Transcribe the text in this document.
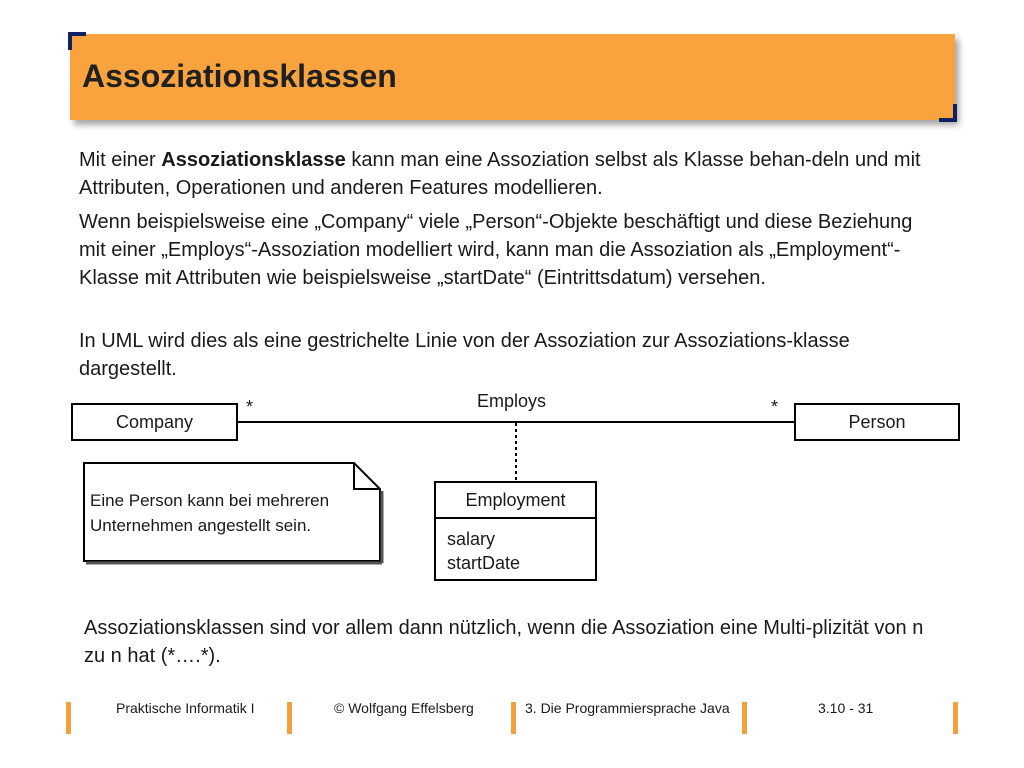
Assoziationsklassen

Mit einer Assoziationsklasse kann man eine Assoziation selbst als Klasse behan-deln und mit Attributen, Operationen und anderen Features modellieren.

Wenn beispielsweise eine „Company“ viele „Person“-Objekte beschäftigt und diese Beziehung mit einer „Employs“-Assoziation modelliert wird, kann man die Assoziation als „Employment“-Klasse mit Attributen wie beispielsweise „startDate“ (Eintrittsdatum) versehen.

In UML wird dies als eine gestrichelte Linie von der Assoziation zur Assoziations-klasse dargestellt.

Company	Person
Employs
*	*
Employment
salary
startDate
Eine Person kann bei mehreren
Unternehmen angestellt sein.

Assoziationsklassen sind vor allem dann nützlich, wenn die Assoziation eine Multi-plizität von n zu n hat (*….*).

Praktische Informatik I	© Wolfgang Effelsberg	3. Die Programmiersprache Java	3.10 - 31
